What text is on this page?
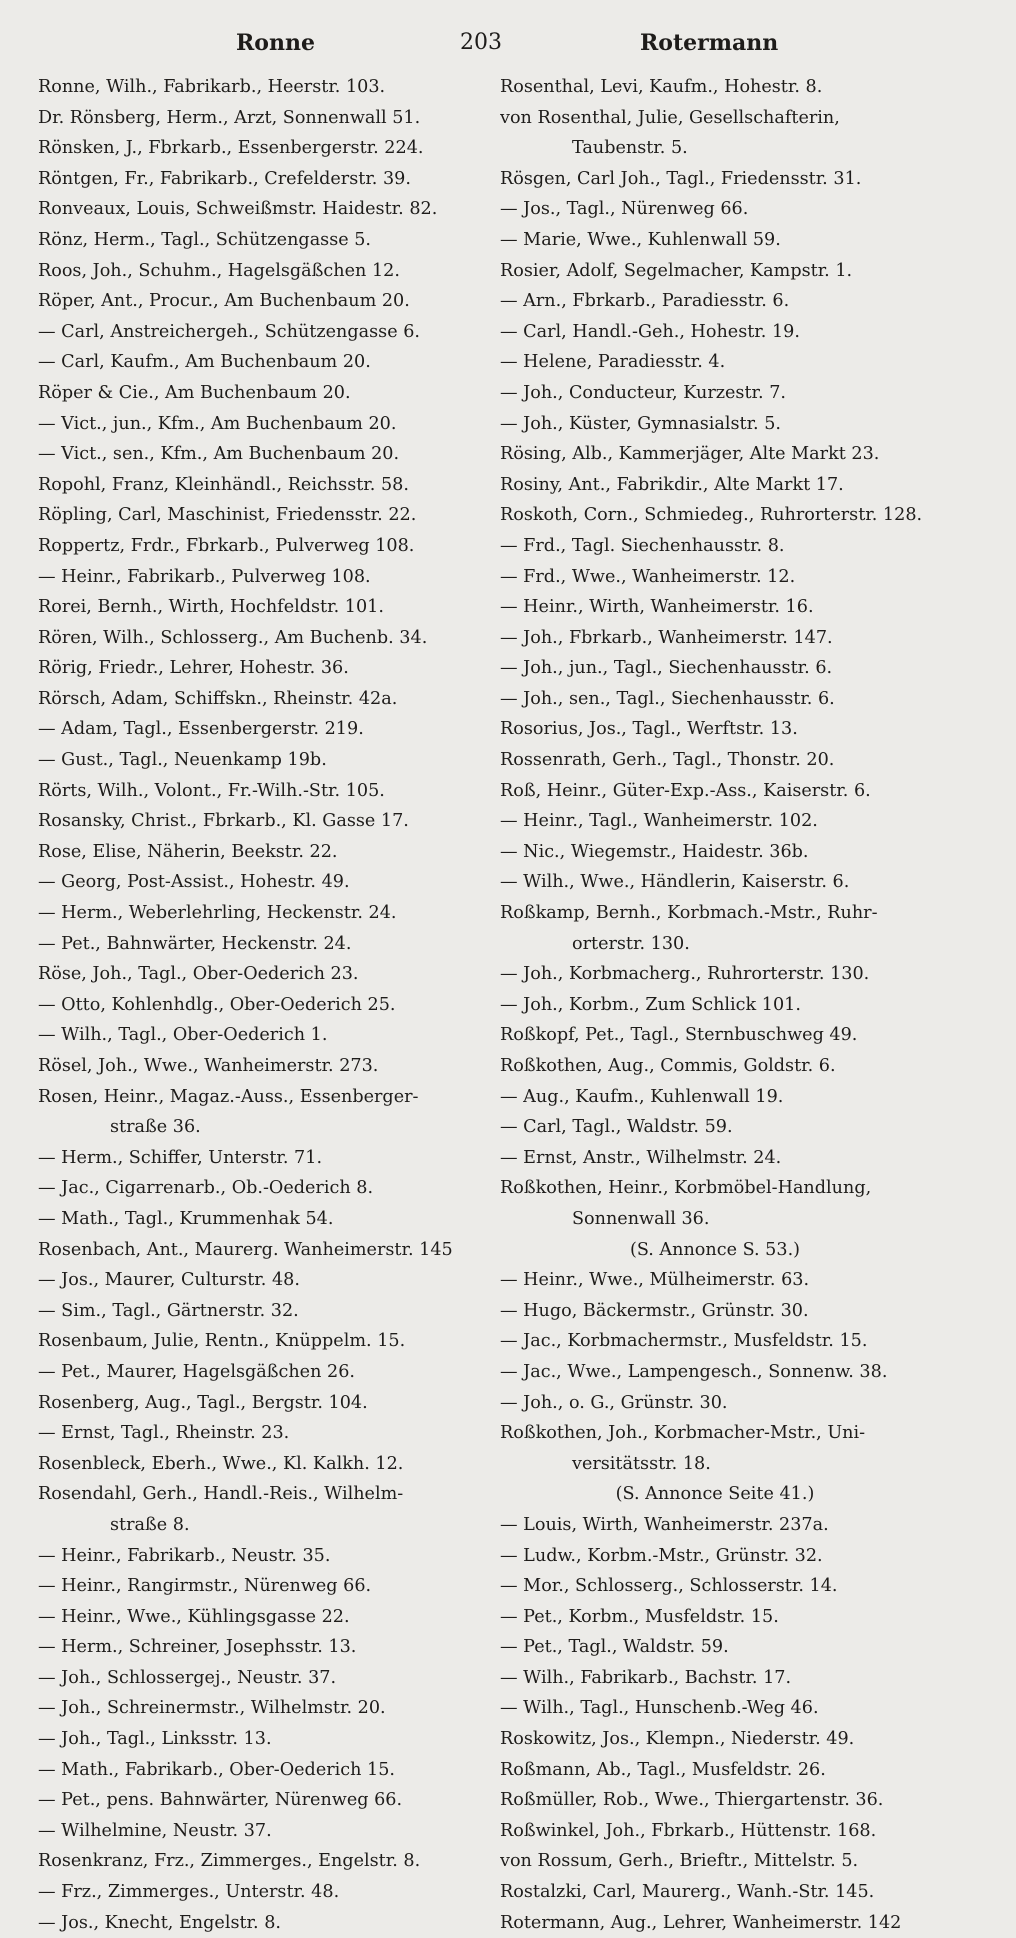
Ronne	203	Rotermann
Ronne, Wilh., Fabrikarb., Heerstr. 103.
Dr. Rönsberg, Herm., Arzt, Sonnenwall 51.
Rönsken, J., Fbrkarb., Essenbergerstr. 224.
Röntgen, Fr., Fabrikarb., Crefelderstr. 39.
Ronveaux, Louis, Schweißmstr. Haidestr. 82.
Rönz, Herm., Tagl., Schützengasse 5.
Roos, Joh., Schuhm., Hagelsgäßchen 12.
Röper, Ant., Procur., Am Buchenbaum 20.
— Carl, Anstreichergeh., Schützengasse 6.
— Carl, Kaufm., Am Buchenbaum 20.
Röper & Cie., Am Buchenbaum 20.
— Vict., jun., Kfm., Am Buchenbaum 20.
— Vict., sen., Kfm., Am Buchenbaum 20.
Ropohl, Franz, Kleinhändl., Reichsstr. 58.
Röpling, Carl, Maschinist, Friedensstr. 22.
Roppertz, Frdr., Fbrkarb., Pulverweg 108.
— Heinr., Fabrikarb., Pulverweg 108.
Rorei, Bernh., Wirth, Hochfeldstr. 101.
Rören, Wilh., Schlosserg., Am Buchenb. 34.
Rörig, Friedr., Lehrer, Hohestr. 36.
Rörsch, Adam, Schiffskn., Rheinstr. 42a.
— Adam, Tagl., Essenbergerstr. 219.
— Gust., Tagl., Neuenkamp 19b.
Rörts, Wilh., Volont., Fr.-Wilh.-Str. 105.
Rosansky, Christ., Fbrkarb., Kl. Gasse 17.
Rose, Elise, Näherin, Beekstr. 22.
— Georg, Post-Assist., Hohestr. 49.
— Herm., Weberlehrling, Heckenstr. 24.
— Pet., Bahnwärter, Heckenstr. 24.
Röse, Joh., Tagl., Ober-Oederich 23.
— Otto, Kohlenhdlg., Ober-Oederich 25.
— Wilh., Tagl., Ober-Oederich 1.
Rösel, Joh., Wwe., Wanheimerstr. 273.
Rosen, Heinr., Magaz.-Auss., Essenberger-
straße 36.
— Herm., Schiffer, Unterstr. 71.
— Jac., Cigarrenarb., Ob.-Oederich 8.
— Math., Tagl., Krummenhak 54.
Rosenbach, Ant., Maurerg. Wanheimerstr. 145
— Jos., Maurer, Culturstr. 48.
— Sim., Tagl., Gärtnerstr. 32.
Rosenbaum, Julie, Rentn., Knüppelm. 15.
— Pet., Maurer, Hagelsgäßchen 26.
Rosenberg, Aug., Tagl., Bergstr. 104.
— Ernst, Tagl., Rheinstr. 23.
Rosenbleck, Eberh., Wwe., Kl. Kalkh. 12.
Rosendahl, Gerh., Handl.-Reis., Wilhelm-
straße 8.
— Heinr., Fabrikarb., Neustr. 35.
— Heinr., Rangirmstr., Nürenweg 66.
— Heinr., Wwe., Kühlingsgasse 22.
— Herm., Schreiner, Josephsstr. 13.
— Joh., Schlossergej., Neustr. 37.
— Joh., Schreinermstr., Wilhelmstr. 20.
— Joh., Tagl., Linksstr. 13.
— Math., Fabrikarb., Ober-Oederich 15.
— Pet., pens. Bahnwärter, Nürenweg 66.
— Wilhelmine, Neustr. 37.
Rosenkranz, Frz., Zimmerges., Engelstr. 8.
— Frz., Zimmerges., Unterstr. 48.
— Jos., Knecht, Engelstr. 8.
Rosenthal, Levi, Kaufm., Hohestr. 8.
von Rosenthal, Julie, Gesellschafterin,
Taubenstr. 5.
Rösgen, Carl Joh., Tagl., Friedensstr. 31.
— Jos., Tagl., Nürenweg 66.
— Marie, Wwe., Kuhlenwall 59.
Rosier, Adolf, Segelmacher, Kampstr. 1.
— Arn., Fbrkarb., Paradiesstr. 6.
— Carl, Handl.-Geh., Hohestr. 19.
— Helene, Paradiesstr. 4.
— Joh., Conducteur, Kurzestr. 7.
— Joh., Küster, Gymnasialstr. 5.
Rösing, Alb., Kammerjäger, Alte Markt 23.
Rosiny, Ant., Fabrikdir., Alte Markt 17.
Roskoth, Corn., Schmiedeg., Ruhrorterstr. 128.
— Frd., Tagl. Siechenhausstr. 8.
— Frd., Wwe., Wanheimerstr. 12.
— Heinr., Wirth, Wanheimerstr. 16.
— Joh., Fbrkarb., Wanheimerstr. 147.
— Joh., jun., Tagl., Siechenhausstr. 6.
— Joh., sen., Tagl., Siechenhausstr. 6.
Rosorius, Jos., Tagl., Werftstr. 13.
Rossenrath, Gerh., Tagl., Thonstr. 20.
Roß, Heinr., Güter-Exp.-Ass., Kaiserstr. 6.
— Heinr., Tagl., Wanheimerstr. 102.
— Nic., Wiegemstr., Haidestr. 36b.
— Wilh., Wwe., Händlerin, Kaiserstr. 6.
Roßkamp, Bernh., Korbmach.-Mstr., Ruhr-
orterstr. 130.
— Joh., Korbmacherg., Ruhrorterstr. 130.
— Joh., Korbm., Zum Schlick 101.
Roßkopf, Pet., Tagl., Sternbuschweg 49.
Roßkothen, Aug., Commis, Goldstr. 6.
— Aug., Kaufm., Kuhlenwall 19.
— Carl, Tagl., Waldstr. 59.
— Ernst, Anstr., Wilhelmstr. 24.
Roßkothen, Heinr., Korbmöbel-Handlung,
Sonnenwall 36.
(S. Annonce S. 53.)
— Heinr., Wwe., Mülheimerstr. 63.
— Hugo, Bäckermstr., Grünstr. 30.
— Jac., Korbmachermstr., Musfeldstr. 15.
— Jac., Wwe., Lampengesch., Sonnenw. 38.
— Joh., o. G., Grünstr. 30.
Roßkothen, Joh., Korbmacher-Mstr., Uni-
versitätsstr. 18.
(S. Annonce Seite 41.)
— Louis, Wirth, Wanheimerstr. 237a.
— Ludw., Korbm.-Mstr., Grünstr. 32.
— Mor., Schlosserg., Schlosserstr. 14.
— Pet., Korbm., Musfeldstr. 15.
— Pet., Tagl., Waldstr. 59.
— Wilh., Fabrikarb., Bachstr. 17.
— Wilh., Tagl., Hunschenb.-Weg 46.
Roskowitz, Jos., Klempn., Niederstr. 49.
Roßmann, Ab., Tagl., Musfeldstr. 26.
Roßmüller, Rob., Wwe., Thiergartenstr. 36.
Roßwinkel, Joh., Fbrkarb., Hüttenstr. 168.
von Rossum, Gerh., Brieftr., Mittelstr. 5.
Rostalzki, Carl, Maurerg., Wanh.-Str. 145.
Rotermann, Aug., Lehrer, Wanheimerstr. 142
